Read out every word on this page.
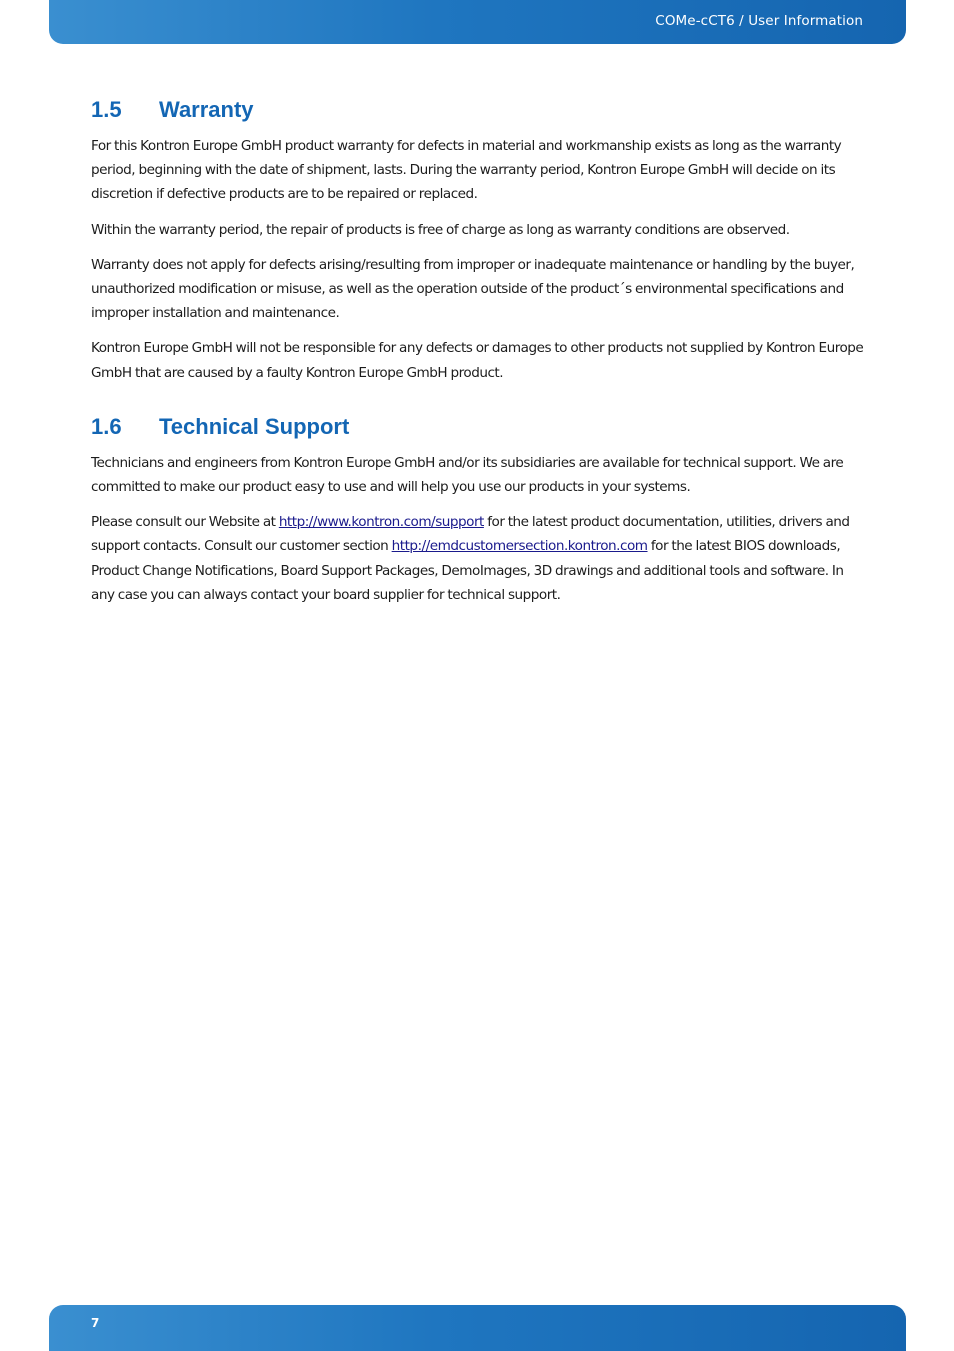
COMe-cCT6 / User Information
1.5	Warranty

For this Kontron Europe GmbH product warranty for defects in material and workmanship exists as long as the warranty period, beginning with the date of shipment, lasts. During the warranty period, Kontron Europe GmbH will decide on its discretion if defective products are to be repaired or replaced.

Within the warranty period, the repair of products is free of charge as long as warranty conditions are observed.

Warranty does not apply for defects arising/resulting from improper or inadequate maintenance or handling by the buyer, unauthorized modification or misuse, as well as the operation outside of the product´s environmental specifications and improper installation and maintenance.

Kontron Europe GmbH will not be responsible for any defects or damages to other products not supplied by Kontron Europe GmbH that are caused by a faulty Kontron Europe GmbH product.

1.6	Technical Support

Technicians and engineers from Kontron Europe GmbH and/or its subsidiaries are available for technical support. We are committed to make our product easy to use and will help you use our products in your systems.

Please consult our Website at http://www.kontron.com/support for the latest product documentation, utilities, drivers and support contacts. Consult our customer section http://emdcustomersection.kontron.com for the latest BIOS downloads, Product Change Notifications, Board Support Packages, DemoImages, 3D drawings and additional tools and software. In any case you can always contact your board supplier for technical support.

7
